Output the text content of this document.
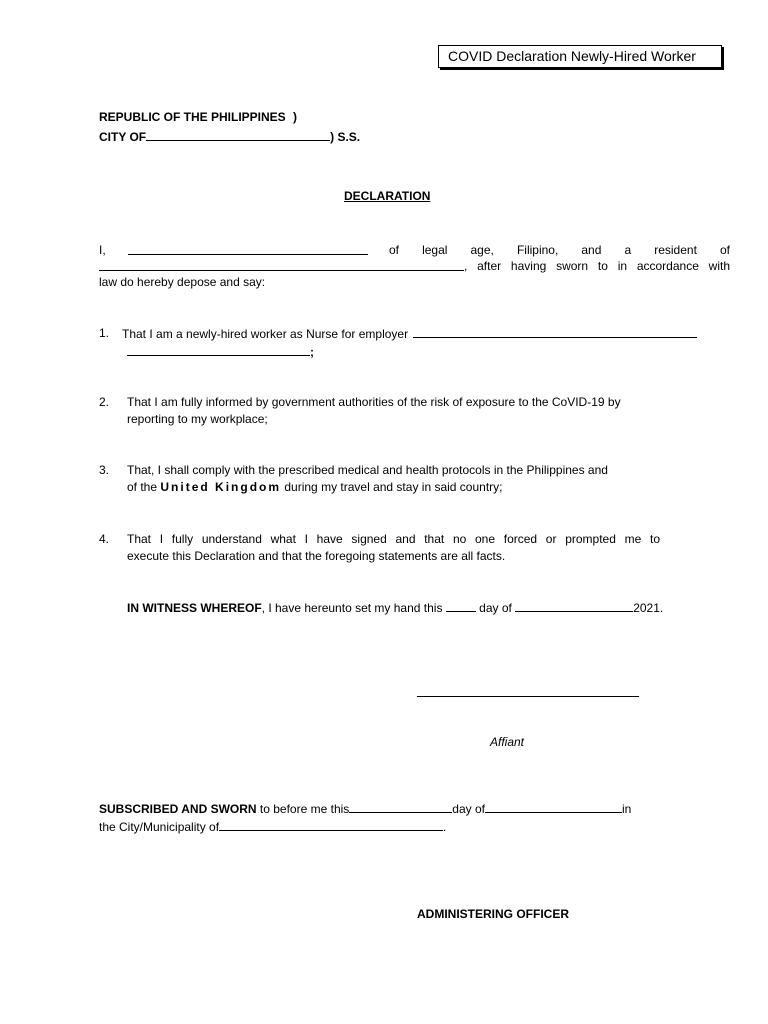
COVID Declaration Newly-Hired Worker
REPUBLIC OF THE PHILIPPINES )
CITY OF	) S.S.
DECLARATION
I,	of legal age, Filipino, and a resident of
, after having sworn to in accordance with
law do hereby depose and say:
1. That I am a newly-hired worker as Nurse for employer
;
2. That I am fully informed by government authorities of the risk of exposure to the CoVID-19 by
reporting to my workplace;
3. That, I shall comply with the prescribed medical and health protocols in the Philippines and
of the United Kingdom during my travel and stay in said country;
4. That I fully understand what I have signed and that no one forced or prompted me to
execute this Declaration and that the foregoing statements are all facts.
IN WITNESS WHEREOF, I have hereunto set my hand this	day of	2021.
Affiant
SUBSCRIBED AND SWORN to before me this	day of	in
the City/Municipality of	.
ADMINISTERING OFFICER
